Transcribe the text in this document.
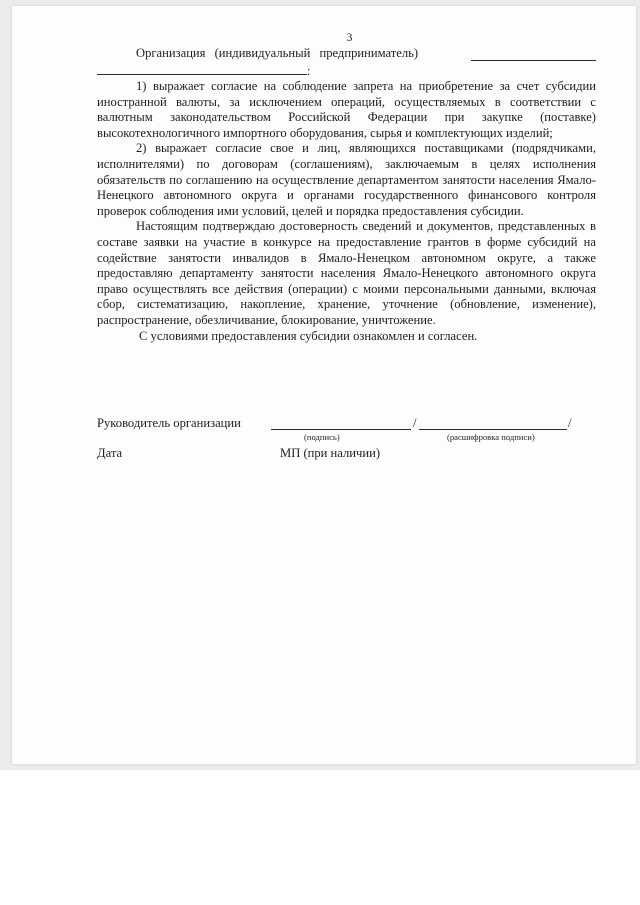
3
Организация (индивидуальный предприниматель)
:

1) выражает согласие на соблюдение запрета на приобретение за счет субсидии иностранной валюты, за исключением операций, осуществляемых в соответствии с валютным законодательством Российской Федерации при закупке (поставке) высокотехнологичного импортного оборудования, сырья и комплектующих изделий;

2) выражает согласие свое и лиц, являющихся поставщиками (подрядчиками, исполнителями) по договорам (соглашениям), заключаемым в целях исполнения обязательств по соглашению на осуществление департаментом занятости населения Ямало-Ненецкого автономного округа и органами государственного финансового контроля проверок соблюдения ими условий, целей и порядка предоставления субсидии.

Настоящим подтверждаю достоверность сведений и документов, представленных в составе заявки на участие в конкурсе на предоставление грантов в форме субсидий на содействие занятости инвалидов в Ямало-Ненецком автономном округе, а также предоставляю департаменту занятости населения Ямало-Ненецкого автономного округа право осуществлять все действия (операции) с моими персональными данными, включая сбор, систематизацию, накопление, хранение, уточнение (обновление, изменение), распространение, обезличивание, блокирование, уничтожение.

С условиями предоставления субсидии ознакомлен и согласен.

Руководитель организации	/	/
(подпись)	(расшифровка подписи)
Дата	МП (при наличии)
